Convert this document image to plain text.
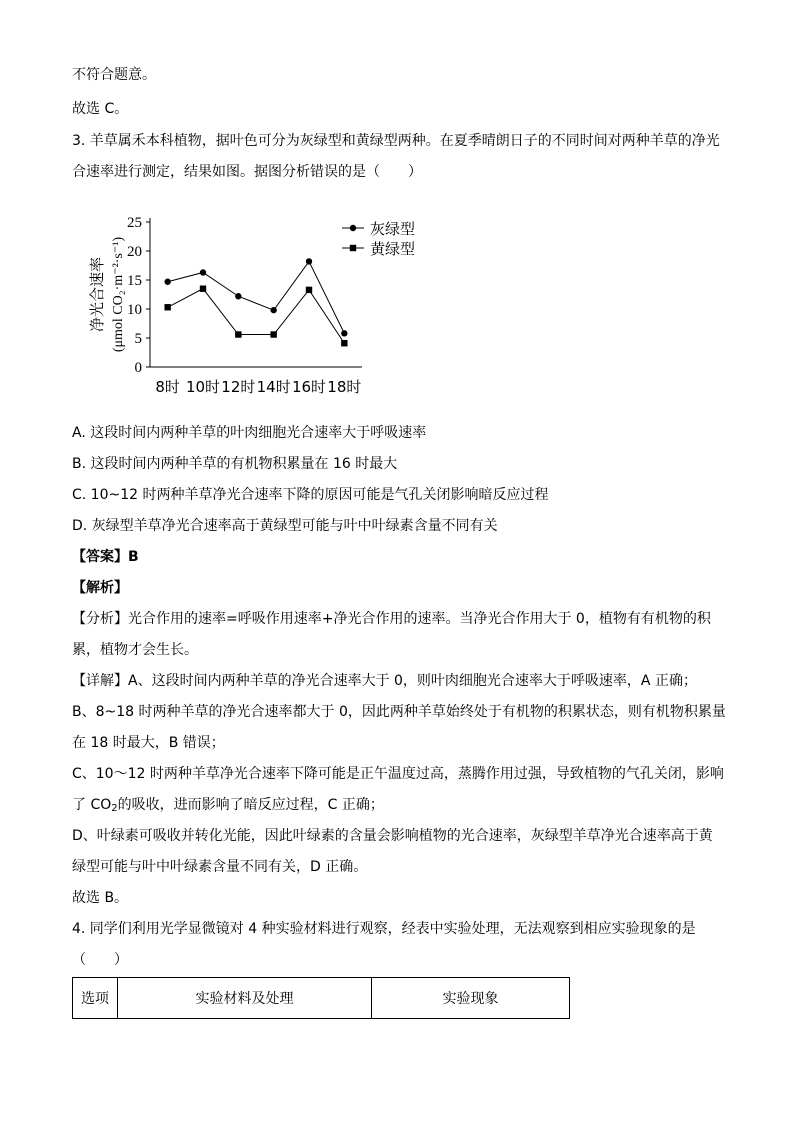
不符合题意。
故选 C。
3. 羊草属禾本科植物，据叶色可分为灰绿型和黄绿型两种。在夏季晴朗日子的不同时间对两种羊草的净光
合速率进行测定，结果如图。据图分析错误的是（　　）
0
5
10
15
20
25
8时 10时 12时 14时 16时 18时
灰绿型
黄绿型
净光合速率 (μmol CO₂·m⁻²·s⁻¹)
A. 这段时间内两种羊草的叶肉细胞光合速率大于呼吸速率
B. 这段时间内两种羊草的有机物积累量在 16 时最大
C. 10~12 时两种羊草净光合速率下降的原因可能是气孔关闭影响暗反应过程
D. 灰绿型羊草净光合速率高于黄绿型可能与叶中叶绿素含量不同有关
【答案】B
【解析】
【分析】光合作用的速率=呼吸作用速率+净光合作用的速率。当净光合作用大于 0，植物有有机物的积
累，植物才会生长。
【详解】A、这段时间内两种羊草的净光合速率大于 0，则叶肉细胞光合速率大于呼吸速率，A 正确；
B、8~18 时两种羊草的净光合速率都大于 0，因此两种羊草始终处于有机物的积累状态，则有机物积累量
在 18 时最大，B 错误；
C、10～12 时两种羊草净光合速率下降可能是正午温度过高，蒸腾作用过强，导致植物的气孔关闭，影响
了 $CO_2$的吸收，进而影响了暗反应过程，C 正确；
D、叶绿素可吸收并转化光能，因此叶绿素的含量会影响植物的光合速率，灰绿型羊草净光合速率高于黄
绿型可能与叶中叶绿素含量不同有关，D 正确。
故选 B。
4. 同学们利用光学显微镜对 4 种实验材料进行观察，经表中实验处理，无法观察到相应实验现象的是
（　　）
选项	实验材料及处理	实验现象
